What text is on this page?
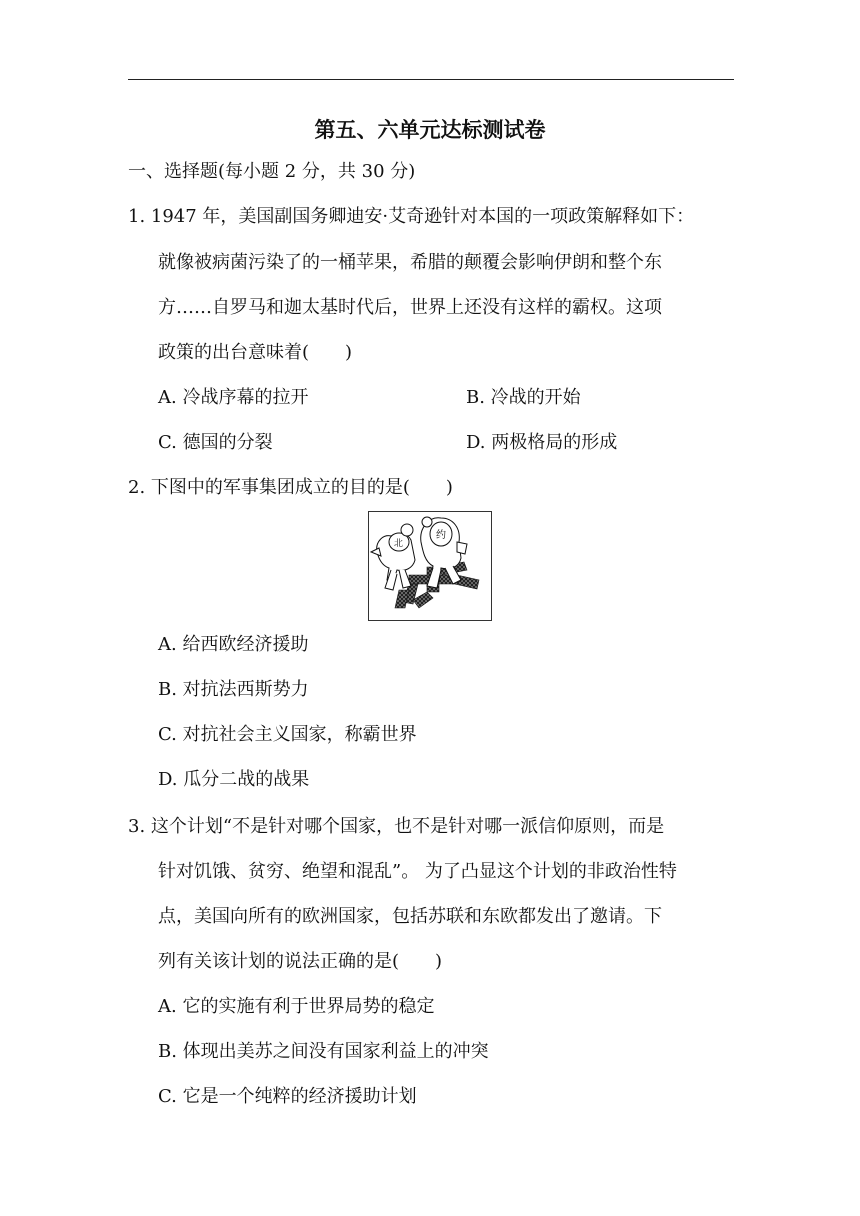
第五、六单元达标测试卷
一、选择题(每小题 2 分，共 30 分)
1. 1947 年，美国副国务卿迪安·艾奇逊针对本国的一项政策解释如下：
就像被病菌污染了的一桶苹果，希腊的颠覆会影响伊朗和整个东
方……自罗马和迦太基时代后，世界上还没有这样的霸权。这项
政策的出台意味着(　　)
A. 冷战序幕的拉开	B. 冷战的开始
C. 德国的分裂	D. 两极格局的形成
2. 下图中的军事集团成立的目的是(　　)
北
约
A. 给西欧经济援助
B. 对抗法西斯势力
C. 对抗社会主义国家，称霸世界
D. 瓜分二战的战果
3. 这个计划“不是针对哪个国家，也不是针对哪一派信仰原则，而是
针对饥饿、贫穷、绝望和混乱”。 为了凸显这个计划的非政治性特
点，美国向所有的欧洲国家，包括苏联和东欧都发出了邀请。下
列有关该计划的说法正确的是(　　)
A. 它的实施有利于世界局势的稳定
B. 体现出美苏之间没有国家利益上的冲突
C. 它是一个纯粹的经济援助计划
